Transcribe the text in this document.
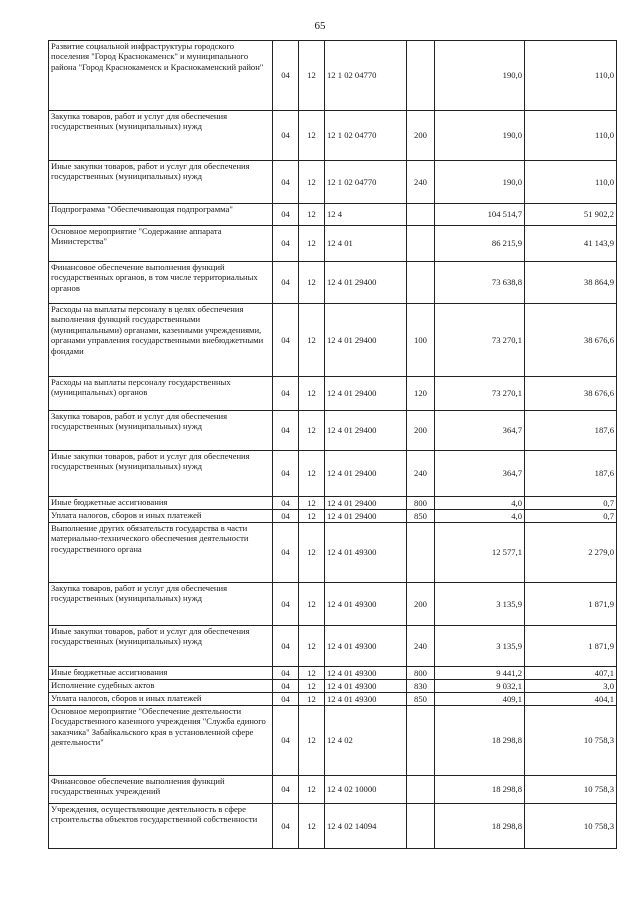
65
Развитие социальной инфраструктуры городского поселения "Город Краснокаменск" и муниципального района "Город Краснокаменск и Краснокаменский район"	04	12	12 1 02 04770		190,0	110,0
Закупка товаров, работ и услуг для обеспечения государственных (муниципальных) нужд	04	12	12 1 02 04770	200	190,0	110,0
Иные закупки товаров, работ и услуг для обеспечения государственных (муниципальных) нужд	04	12	12 1 02 04770	240	190,0	110,0
Подпрограмма "Обеспечивающая подпрограмма"	04	12	12 4		104 514,7	51 902,2
Основное мероприятие "Содержание аппарата Министерства"	04	12	12 4 01		86 215,9	41 143,9
Финансовое обеспечение выполнения функций государственных органов, в том числе территориальных органов	04	12	12 4 01 29400		73 638,8	38 864,9
Расходы на выплаты персоналу в целях обеспечения выполнения функций государственными (муниципальными) органами, казенными учреждениями, органами управления государственными внебюджетными фондами	04	12	12 4 01 29400	100	73 270,1	38 676,6
Расходы на выплаты персоналу государственных (муниципальных) органов	04	12	12 4 01 29400	120	73 270,1	38 676,6
Закупка товаров, работ и услуг для обеспечения государственных (муниципальных) нужд	04	12	12 4 01 29400	200	364,7	187,6
Иные закупки товаров, работ и услуг для обеспечения государственных (муниципальных) нужд	04	12	12 4 01 29400	240	364,7	187,6
Иные бюджетные ассигнования	04	12	12 4 01 29400	800	4,0	0,7
Уплата налогов, сборов и иных платежей	04	12	12 4 01 29400	850	4,0	0,7
Выполнение других обязательств государства в части материально-технического обеспечения деятельности государственного органа	04	12	12 4 01 49300		12 577,1	2 279,0
Закупка товаров, работ и услуг для обеспечения государственных (муниципальных) нужд	04	12	12 4 01 49300	200	3 135,9	1 871,9
Иные закупки товаров, работ и услуг для обеспечения государственных (муниципальных) нужд	04	12	12 4 01 49300	240	3 135,9	1 871,9
Иные бюджетные ассигнования	04	12	12 4 01 49300	800	9 441,2	407,1
Исполнение судебных актов	04	12	12 4 01 49300	830	9 032,1	3,0
Уплата налогов, сборов и иных платежей	04	12	12 4 01 49300	850	409,1	404,1
Основное мероприятие "Обеспечение деятельности Государственного казенного учреждения "Служба единого заказчика" Забайкальского края в установленной сфере деятельности"	04	12	12 4 02		18 298,8	10 758,3
Финансовое обеспечение выполнения функций государственных учреждений	04	12	12 4 02 10000		18 298,8	10 758,3
Учреждения, осуществляющие деятельность в сфере строительства объектов государственной собственности	04	12	12 4 02 14094		18 298,8	10 758,3
